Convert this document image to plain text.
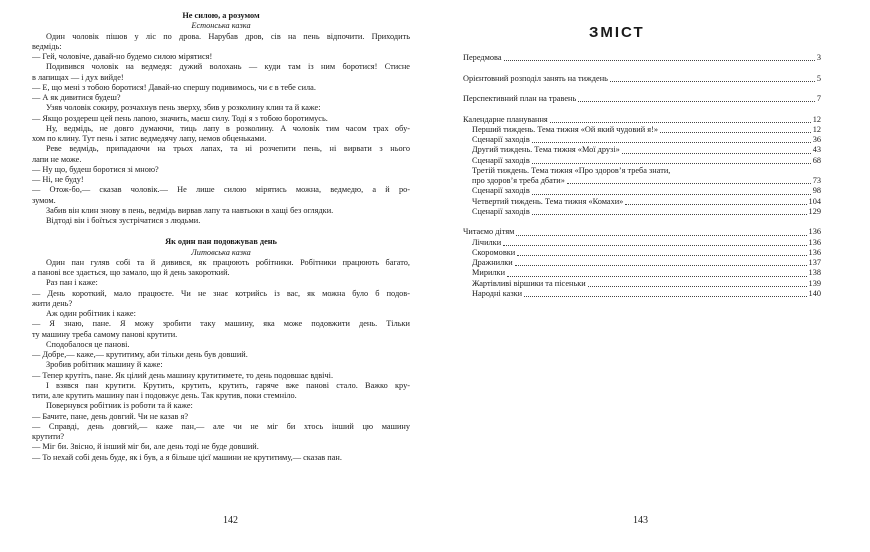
Не силою, а розумом
Естонська казка
Один чоловік пішов у ліс по дрова. Нарубав дров, сів на пень відпочити. Приходить
ведмідь:
— Гей, чоловіче, давай-но будемо силою мірятися!
Подивився чоловік на ведмедя: дужий волохань — куди там із ним боротися! Стисне
в лапищах — і дух вийде!
— Е, що мені з тобою боротися! Давай-но спершу подивимось, чи є в тебе сила.
— А як дивитися будеш?
Узяв чоловік сокиру, розчахнув пень зверху, збив у розколину клин та й каже:
— Якщо роздереш цей пень лапою, значить, маєш силу. Тоді я з тобою боротимусь.
Ну, ведмідь, не довго думаючи, тиць лапу в розколину. А чоловік тим часом трах обу-
хом по клину. Тут пень і затис ведмедячу лапу, немов обценьками.
Реве ведмідь, припадаючи на трьох лапах, та ні розчепити пень, ні вирвати з нього
лапи не може.
— Ну що, будеш боротися зі мною?
— Ні, не буду!
— Отож-бо,— сказав чоловік.— Не лише силою мірятись можна, ведмедю, а й ро-
зумом.
Забив він клин знову в пень, ведмідь вирвав лапу та навтьоки в хащі без оглядки.
Відтоді він і боїться зустрічатися з людьми.
Як один пан подовжував день
Литовська казка
Один пан гуляв собі та й дивився, як працюють робітники. Робітники працюють багато,
а панові все здається, що замало, що й день закороткий.
Раз пан і каже:
— День короткий, мало працюєте. Чи не знає котрийсь із вас, як можна було б подов-
жити день?
Аж один робітник і каже:
— Я знаю, пане. Я можу зробити таку машину, яка може подовжити день. Тільки
ту машину треба самому панові крутити.
Сподобалося це панові.
— Добре,— каже,— крутитиму, аби тільки день був довший.
Зробив робітник машину й каже:
— Тепер крутіть, пане. Як цілий день машину крутитимете, то день подовшає вдвічі.
І взявся пан крутити. Крутить, крутить, крутить, гаряче вже панові стало. Важко кру-
тити, але крутить машину пан і подовжує день. Так крутив, поки стемніло.
Повернувся робітник із роботи та й каже:
— Бачите, пане, день довгий. Чи не казав я?
— Справді, день довгий,— каже пан,— але чи не міг би хтось інший цю машину
крутити?
— Міг би. Звісно, й інший міг би, але день тоді не буде довший.
— То нехай собі день буде, як і був, а я більше цієї машини не крутитиму,— сказав пан.
142
ЗМІСТ
Передмова	3
Орієнтовний розподіл занять на тиждень	5
Перспективний план на травень	7
Календарне планування	12
Перший тиждень. Тема тижня «Ой який чудовий я!»	12
Сценарії заходів	36
Другий тиждень. Тема тижня «Мої друзі»	43
Сценарії заходів	68
Третій тиждень. Тема тижня «Про здоров’я треба знати,
про здоров’я треба дбати»	73
Сценарії заходів	98
Четвертий тиждень. Тема тижня «Комахи»	104
Сценарії заходів	129
Читаємо дітям	136
Лічилки	136
Скоромовки	136
Дражнилки	137
Мирилки	138
Жартівливі віршики та пісеньки	139
Народні казки	140
143
